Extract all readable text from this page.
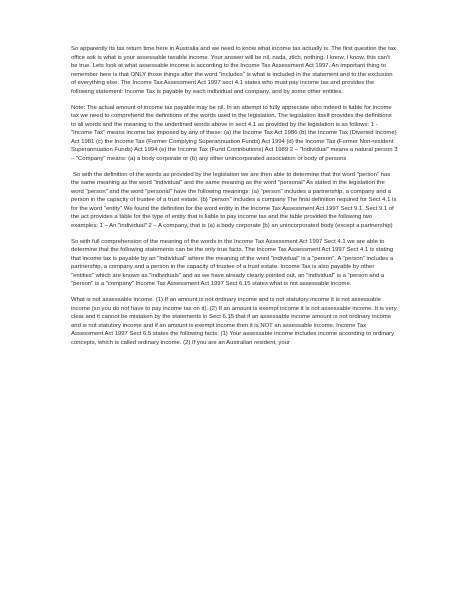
So apparently its tax return time here in Australia and we need to know what income tax actually is. The first question the tax office ask is what is your assessable taxable income. Your answer will be nil, nada, zilch, nothing. I know, I know, this can't be true. Lets look at what assessable income is according to the Income Tax Assessment Act 1997. An important thing to remember here is that ONLY those things after the word "includes" is what is included in the statement and to the exclusion of everything else. The Income Tax Assessment Act 1997 sect 4.1 states who must pay income tax and provides the following statement: Income Tax is payable by each individual and company, and by some other entities.

Note: The actual amount of income tax payable may be nil. In an attempt to fully appreciate who indeed is liable for income tax we need to comprehend the definitions of the words used in the legislation. The legislation itself provides the definitions to all words and the meaning to the underlined words above in sect 4.1 as provided by the legislation is as follows: 1 - "Income Tax" means income tax imposed by any of these: (a) the Income Tax Act 1986 (b) the Income Tax (Diverted Income) Act 1981 (c) the Income Tax (Former Complying Superannuation Funds) Act 1994 (d) the Income Tax (Former Non-resident Superannuation Funds) Act 1994 (e) the Income Tax (Fund Contributions) Act 1989 2 – "Individual" means a natural person 3 – "Company" means: (a) a body corporate or (b) any other unincorporated association or body of persons

So with the definition of the words as provided by the legislation we are then able to determine that the word "person" has the same meaning as the word "individual" and the same meaning as the word "personal" As stated in the legislation the word "person" and the word "personal" have the following meanings: (a) "person" includes a partnership, a company and a person in the capacity of trustee of a trust estate. (b) "person" includes a company The final definition required for Sect 4.1 is for the word "entity" We found the definition for the word entity in the Income Tax Assessment Act 1997 Sect 9.1. Sect 9.1 of the act provides a table for the type of entity that is liable to pay income tax and the table provided the following two examples: 1 – An "individual" 2 – A company, that is (a) a body corporate (b) an unincorporated body (except a partnership)

So with full comprehension of the meaning of the words in the Income Tax Assessment Act 1997 Sect 4.1 we are able to determine that the following statements can be the only true facts. The Income Tax Assessment Act 1997 Sect 4.1 is stating that income tax is payable by an "Individual" where the meaning of the word "individual" is a "person". A "person" includes a partnership, a company and a person in the capacity of trustee of a trust estate. Income Tax is also payable by other "entities" which are known as "individuals" and as we have already clearly pointed out, an "individual" is a "person and a "person" is a "company" Income Tax Assessment Act 1997 Sect 6.15 states what is not assessable income.

What is not assessable income. (1) If an amount is not ordinary income and is not statutory income it is not assessable income (so you do not have to pay income tax on it). (2) If an amount is exempt income it is not assessable income. It is very clear and it cannot be mistaken by the statements in Sect 6.15 that if an assessable income amount is not ordinary income and is not statutory income and if an amount is exempt income then it is NOT an assessable income. Income Tax Assessment Act 1997 Sect 6.5 states the following facts: (1) Your assessable income includes income according to ordinary concepts, which is called ordinary income. (2) If you are an Australian resident, your
